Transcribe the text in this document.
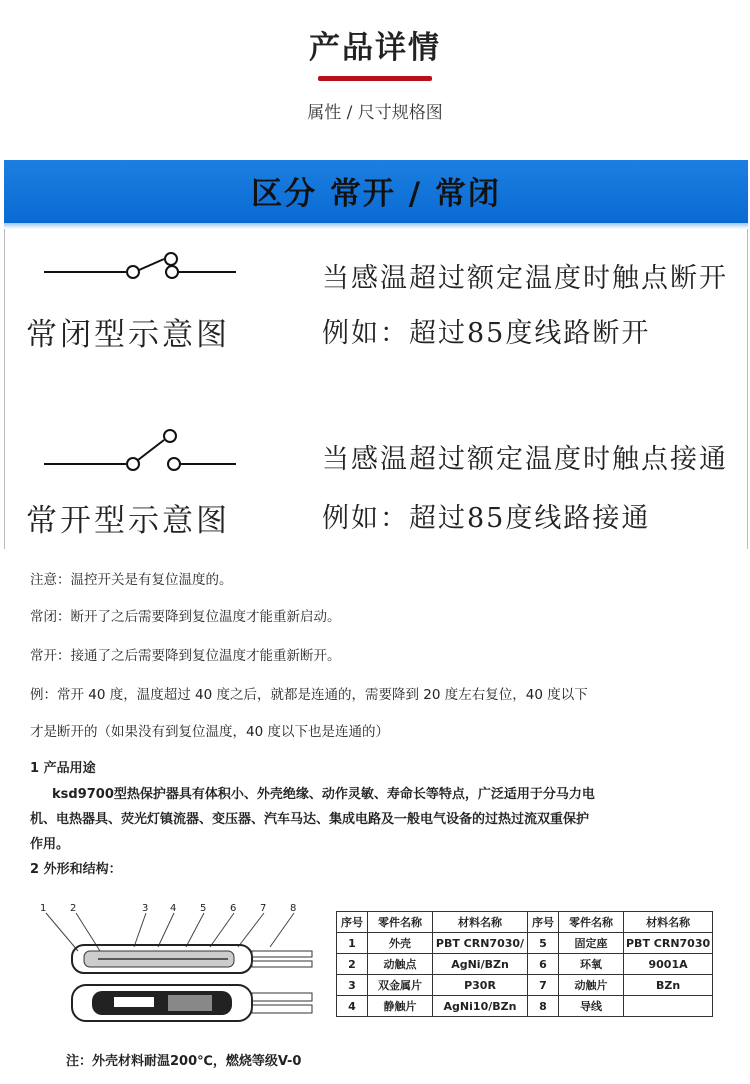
产品详情
属性 / 尺寸规格图
区分 常开 / 常闭
常闭型示意图
当感温超过额定温度时触点断开
例如：超过85度线路断开
常开型示意图
当感温超过额定温度时触点接通
例如：超过85度线路接通
注意：温控开关是有复位温度的。
常闭：断开了之后需要降到复位温度才能重新启动。
常开：接通了之后需要降到复位温度才能重新断开。
例：常开 40 度，温度超过 40 度之后，就都是连通的，需要降到 20 度左右复位，40 度以下
才是断开的（如果没有到复位温度，40 度以下也是连通的）
1 产品用途
ksd9700型热保护器具有体积小、外壳绝缘、动作灵敏、寿命长等特点，广泛适用于分马力电
机、电热器具、荧光灯镇流器、变压器、汽车马达、集成电路及一般电气设备的过热过流双重保护
作用。
2 外形和结构：
1 2	3 4 5 6 7 8
序号	零件名称	材料名称	序号	零件名称	材料名称
1	外壳	PBT CRN7030/	5	固定座	PBT CRN7030
2	动触点	AgNi/BZn	6	环氧	9001A
3	双金属片	P30R	7	动触片	BZn
4	静触片	AgNi10/BZn	8	导线	
注：外壳材料耐温200℃，燃烧等级V-0
